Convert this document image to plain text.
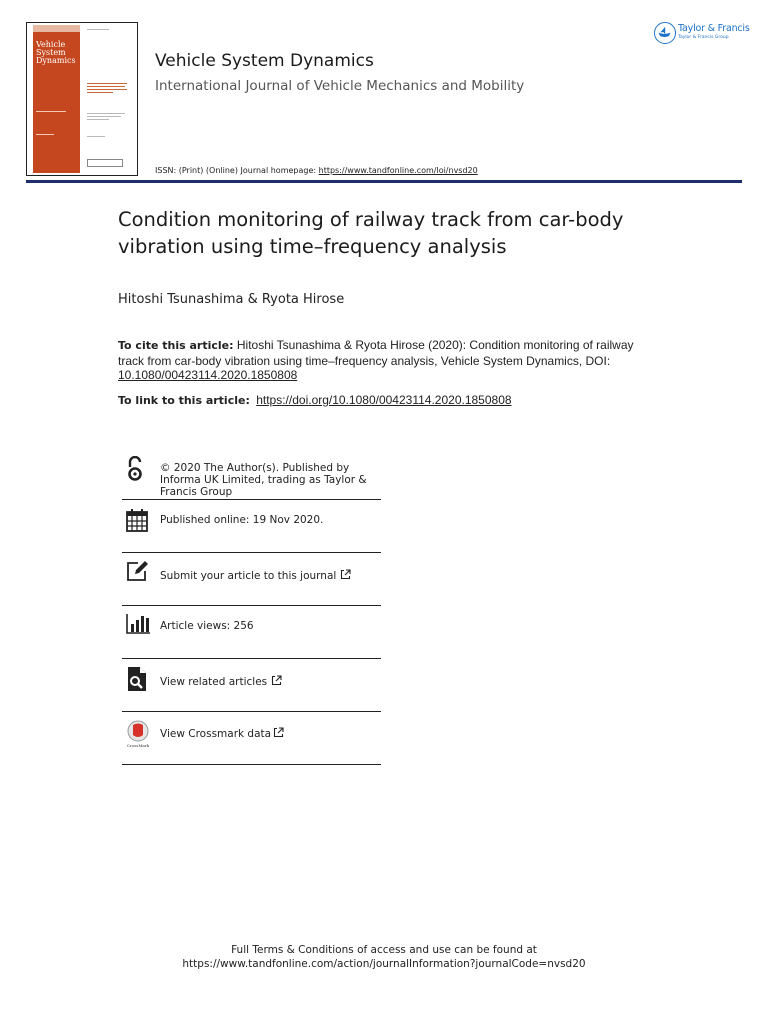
Vehicle System Dynamics	Vehicle System Dynamics
International Journal of Vehicle Mechanics and Mobility
ISSN: (Print) (Online) Journal homepage: https://www.tandfonline.com/loi/nvsd20
Taylor & Francis
Taylor & Francis Group
Condition monitoring of railway track from car-body vibration using time–frequency analysis
Hitoshi Tsunashima & Ryota Hirose
To cite this article: Hitoshi Tsunashima & Ryota Hirose (2020): Condition monitoring of railway track from car-body vibration using time–frequency analysis, Vehicle System Dynamics, DOI: 10.1080/00423114.2020.1850808
To link to this article: https://doi.org/10.1080/00423114.2020.1850808
© 2020 The Author(s). Published by Informa UK Limited, trading as Taylor & Francis Group
Published online: 19 Nov 2020.
Submit your article to this journal
Article views: 256
View related articles
CrossMark
View Crossmark data
Full Terms & Conditions of access and use can be found at
https://www.tandfonline.com/action/journalInformation?journalCode=nvsd20
